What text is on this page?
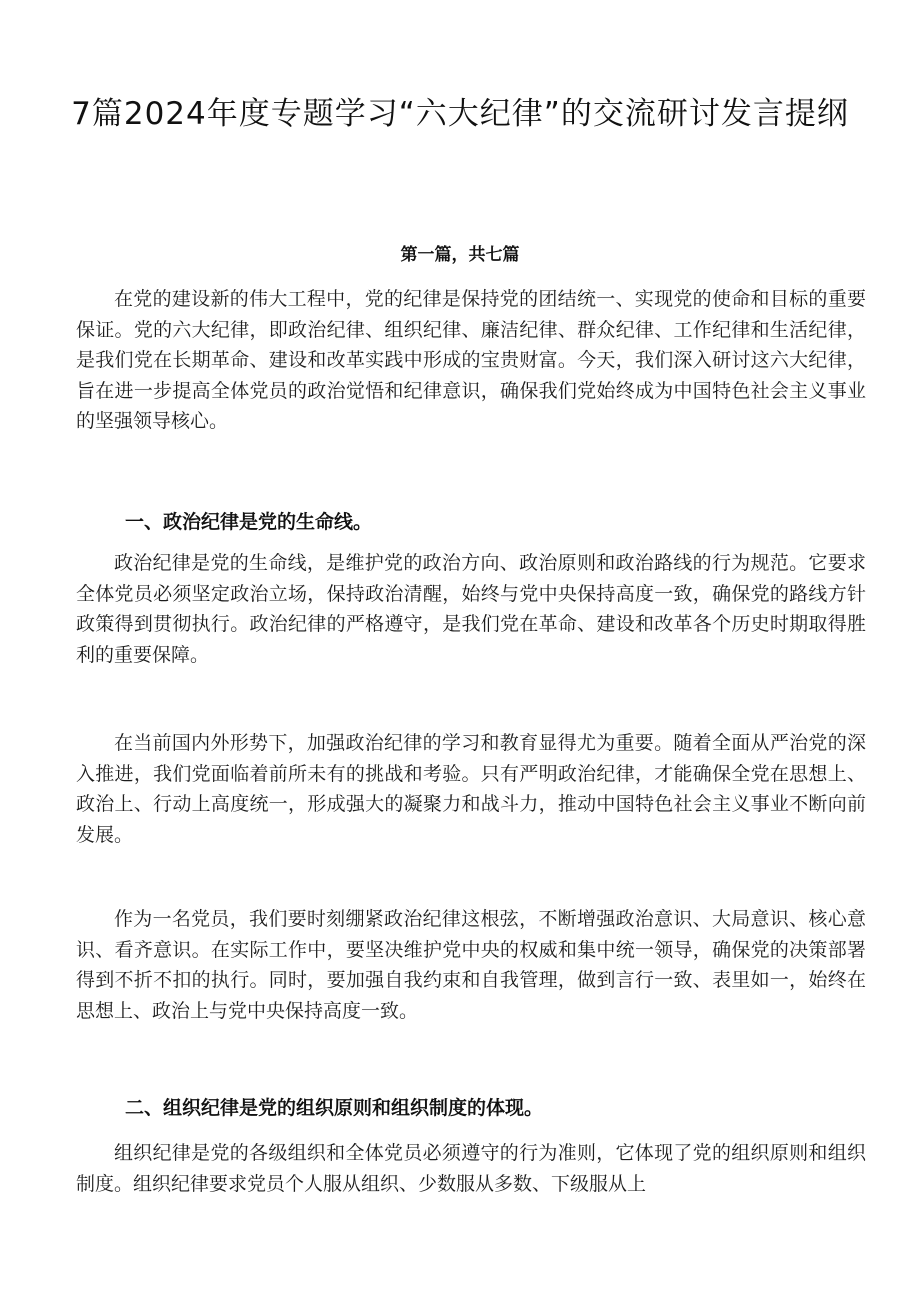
7篇2024年度专题学习“六大纪律”的交流研讨发言提纲
第一篇，共七篇

在党的建设新的伟大工程中，党的纪律是保持党的团结统一、实现党的使命和目标的重要保证。党的六大纪律，即政治纪律、组织纪律、廉洁纪律、群众纪律、工作纪律和生活纪律，是我们党在长期革命、建设和改革实践中形成的宝贵财富。今天，我们深入研讨这六大纪律，旨在进一步提高全体党员的政治觉悟和纪律意识，确保我们党始终成为中国特色社会主义事业的坚强领导核心。

一、政治纪律是党的生命线。

政治纪律是党的生命线，是维护党的政治方向、政治原则和政治路线的行为规范。它要求全体党员必须坚定政治立场，保持政治清醒，始终与党中央保持高度一致，确保党的路线方针政策得到贯彻执行。政治纪律的严格遵守，是我们党在革命、建设和改革各个历史时期取得胜利的重要保障。

在当前国内外形势下，加强政治纪律的学习和教育显得尤为重要。随着全面从严治党的深入推进，我们党面临着前所未有的挑战和考验。只有严明政治纪律，才能确保全党在思想上、政治上、行动上高度统一，形成强大的凝聚力和战斗力，推动中国特色社会主义事业不断向前发展。

作为一名党员，我们要时刻绷紧政治纪律这根弦，不断增强政治意识、大局意识、核心意识、看齐意识。在实际工作中，要坚决维护党中央的权威和集中统一领导，确保党的决策部署得到不折不扣的执行。同时，要加强自我约束和自我管理，做到言行一致、表里如一，始终在思想上、政治上与党中央保持高度一致。

二、组织纪律是党的组织原则和组织制度的体现。

组织纪律是党的各级组织和全体党员必须遵守的行为准则，它体现了党的组织原则和组织制度。组织纪律要求党员个人服从组织、少数服从多数、下级服从上
